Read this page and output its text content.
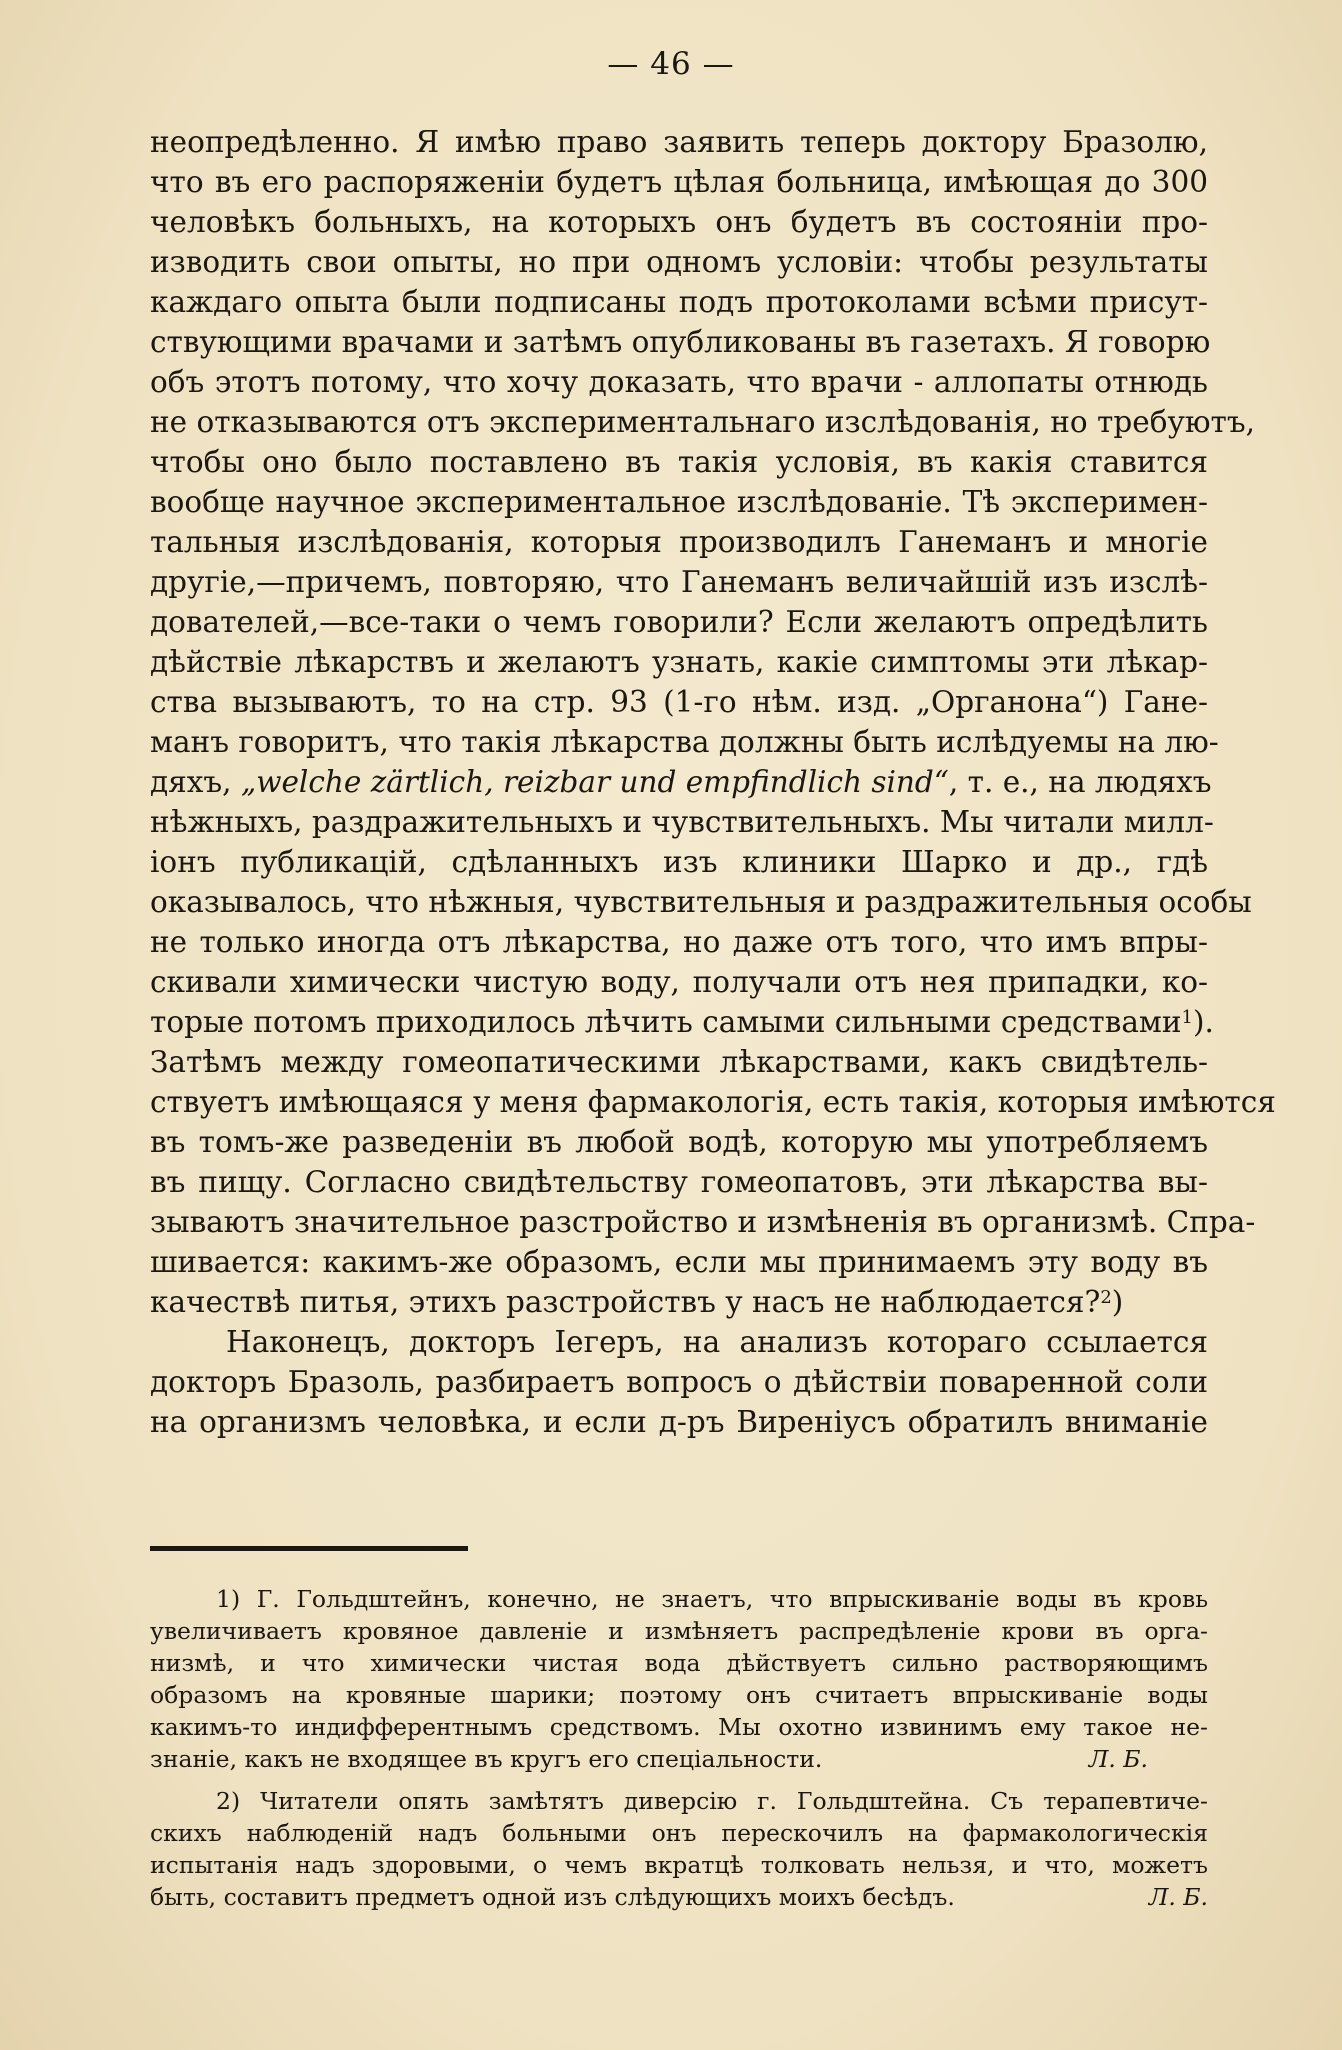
— 46 —
неопредѣленно. Я имѣю право заявить теперь доктору Бразолю,
что въ его распоряженіи будетъ цѣлая больница, имѣющая до 300
человѣкъ больныхъ, на которыхъ онъ будетъ въ состояніи про-
изводить свои опыты, но при одномъ условіи: чтобы результаты
каждаго опыта были подписаны подъ протоколами всѣми присут-
ствующими врачами и затѣмъ опубликованы въ газетахъ. Я говорю
объ этотъ потому, что хочу доказать, что врачи - аллопаты отнюдь
не отказываются отъ экспериментальнаго изслѣдованія, но требуютъ,
чтобы оно было поставлено въ такія условія, въ какія ставится
вообще научное экспериментальное изслѣдованіе. Тѣ эксперимен-
тальныя изслѣдованія, которыя производилъ Ганеманъ и многіе
другіе,—причемъ, повторяю, что Ганеманъ величайшій изъ изслѣ-
дователей,—все-таки о чемъ говорили? Если желаютъ опредѣлить
дѣйствіе лѣкарствъ и желаютъ узнать, какіе симптомы эти лѣкар-
ства вызываютъ, то на стр. 93 (1-го нѣм. изд. „Органона“) Гане-
манъ говоритъ, что такія лѣкарства должны быть ислѣдуемы на лю-
дяхъ, „welche zärtlich, reizbar und empfindlich sind“, т. е., на людяхъ
нѣжныхъ, раздражительныхъ и чувствительныхъ. Мы читали милл-
іонъ публикацій, сдѣланныхъ изъ клиники Шарко и др., гдѣ
оказывалось, что нѣжныя, чувствительныя и раздражительныя особы
не только иногда отъ лѣкарства, но даже отъ того, что имъ впры-
скивали химически чистую воду, получали отъ нея припадки, ко-
торые потомъ приходилось лѣчить самыми сильными средствами$^1$).
Затѣмъ между гомеопатическими лѣкарствами, какъ свидѣтель-
ствуетъ имѣющаяся у меня фармакологія, есть такія, которыя имѣются
въ томъ-же разведеніи въ любой водѣ, которую мы употребляемъ
въ пищу. Согласно свидѣтельству гомеопатовъ, эти лѣкарства вы-
зываютъ значительное разстройство и измѣненія въ организмѣ. Спра-
шивается: какимъ-же образомъ, если мы принимаемъ эту воду въ
качествѣ питья, этихъ разстройствъ у насъ не наблюдается?$^2$)
Наконецъ, докторъ Іегеръ, на анализъ котораго ссылается
докторъ Бразоль, разбираетъ вопросъ о дѣйствіи поваренной соли
на организмъ человѣка, и если д-ръ Виреніусъ обратилъ вниманіе
1) Г. Гольдштейнъ, конечно, не знаетъ, что впрыскиваніе воды въ кровь
увеличиваетъ кровяное давленіе и измѣняетъ распредѣленіе крови въ орга-
низмѣ, и что химически чистая вода дѣйствуетъ сильно растворяющимъ
образомъ на кровяные шарики; поэтому онъ считаетъ впрыскиваніе воды
какимъ-то индифферентнымъ средствомъ. Мы охотно извинимъ ему такое не-
знаніе, какъ не входящее въ кругъ его спеціальности.	Л. Б.
2) Читатели опять замѣтятъ диверсію г. Гольдштейна. Съ терапевтиче-
скихъ наблюденій надъ больными онъ перескочилъ на фармакологическія
испытанія надъ здоровыми, о чемъ вкратцѣ толковать нельзя, и что, можетъ
быть, составитъ предметъ одной изъ слѣдующихъ моихъ бесѣдъ.	Л. Б.
